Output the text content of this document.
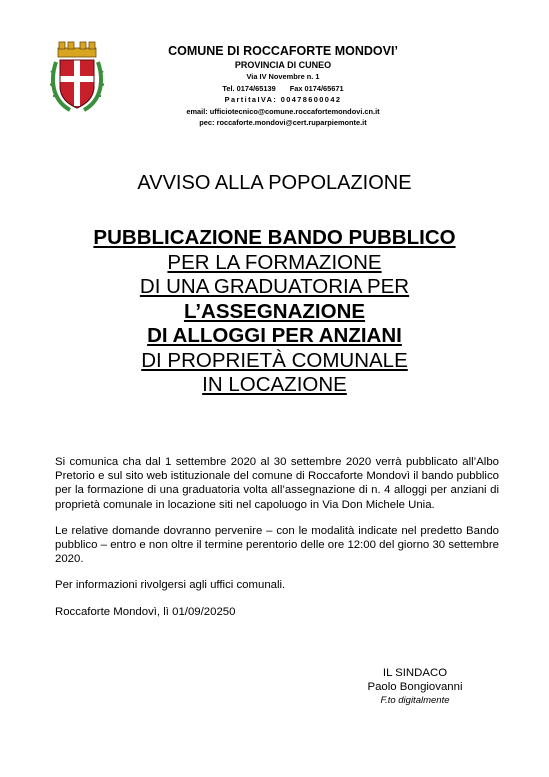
COMUNE DI ROCCAFORTE MONDOVI’
PROVINCIA DI CUNEO
Via IV Novembre n. 1
Tel. 0174/65139 Fax 0174/65671
PartitaIVA: 00478600042
email: ufficiotecnico@comune.roccafortemondovi.cn.it
pec: roccaforte.mondovi@cert.ruparpiemonte.it
AVVISO ALLA POPOLAZIONE
PUBBLICAZIONE BANDO PUBBLICO
PER LA FORMAZIONE
DI UNA GRADUATORIA PER
L’ASSEGNAZIONE
DI ALLOGGI PER ANZIANI
DI PROPRIETÀ COMUNALE
IN LOCAZIONE

Si comunica cha dal 1 settembre 2020 al 30 settembre 2020 verrà pubblicato all’Albo Pretorio e sul sito web istituzionale del comune di Roccaforte Mondovì il bando pubblico per la formazione di una graduatoria volta all’assegnazione di n. 4 alloggi per anziani di proprietà comunale in locazione siti nel capoluogo in Via Don Michele Unia.

Le relative domande dovranno pervenire – con le modalità indicate nel predetto Bando pubblico – entro e non oltre il termine perentorio delle ore 12:00 del giorno 30 settembre 2020.

Per informazioni rivolgersi agli uffici comunali.

Roccaforte Mondovì, lì 01/09/20250

IL SINDACO
Paolo Bongiovanni
F.to digitalmente
